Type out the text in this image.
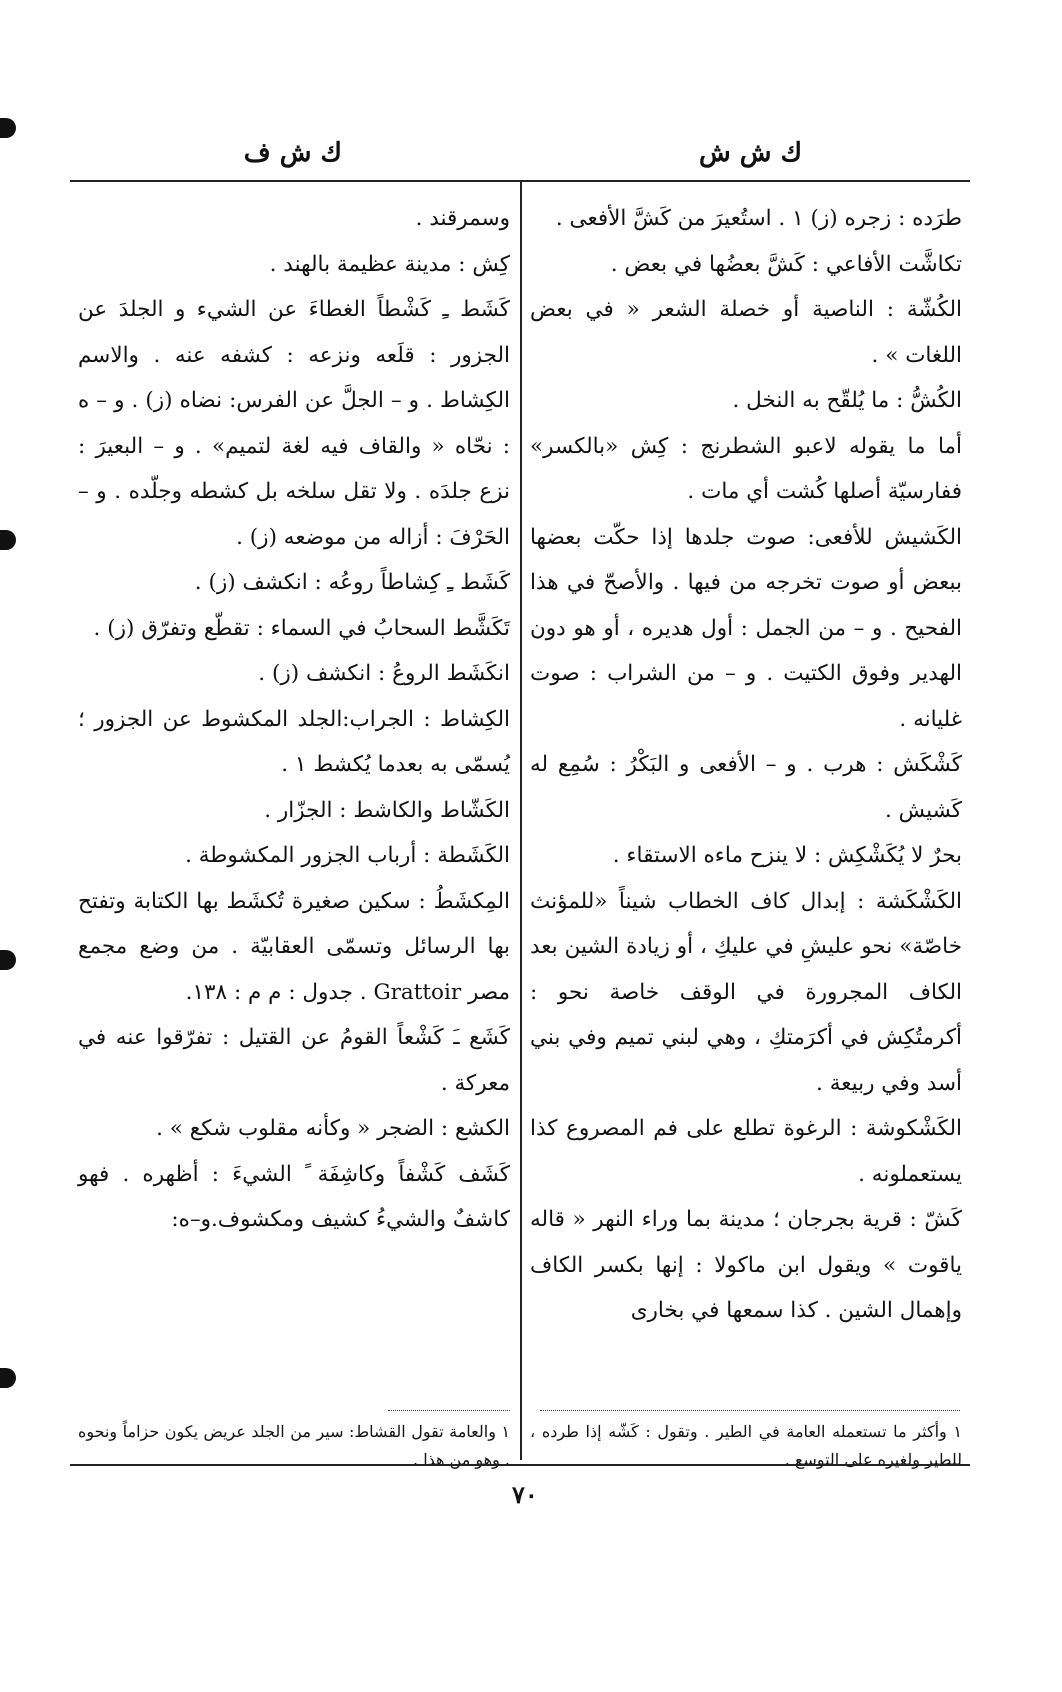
ك ش ش
ك ش ف

طرَده : زجره (ز) ١ . استُعيرَ من كَشَّ الأفعى .

تكاشَّت الأفاعي : كَشَّ بعضُها في بعض .

الكُشّة : الناصية أو خصلة الشعر « في بعض اللغات » .

الكُشُّ : ما يُلقّح به النخل .

أما ما يقوله لاعبو الشطرنج : كِش «بالكسر» ففارسيّة أصلها كُشت أي مات .

الكَشيش للأفعى: صوت جلدها إذا حكّت بعضها ببعض أو صوت تخرجه من فيها . والأصحّ في هذا الفحيح . و – من الجمل : أول هديره ، أو هو دون الهدير وفوق الكتيت . و – من الشراب : صوت غليانه .

كَشْكَش : هرب . و – الأفعى و البَكْرُ : سُمِع له كَشيش .

بحرٌ لا يُكَشْكِش : لا ينزح ماءه الاستقاء .

الكَشْكَشة : إبدال كاف الخطاب شيناً «للمؤنث خاصّة» نحو عليشِ في عليكِ ، أو زيادة الشين بعد الكاف المجرورة في الوقف خاصة نحو : أكرمتُكِش في أكرَمتكِ ، وهي لبني تميم وفي بني أسد وفي ربيعة .

الكَشْكوشة : الرغوة تطلع على فم المصروع كذا يستعملونه .

كَشّ : قرية بجرجان ؛ مدينة بما وراء النهر « قاله ياقوت » ويقول ابن ماكولا : إنها بكسر الكاف وإهمال الشين . كذا سمعها في بخارى

وسمرقند .

كِش : مدينة عظيمة بالهند .

كَشَط ـِ كَشْطاً الغطاءَ عن الشيء و الجلدَ عن الجزور : قلَعه ونزعه : كشفه عنه . والاسم الكِشاط . و – الجلَّ عن الفرس: نضاه (ز) . و – ه : نحّاه « والقاف فيه لغة لتميم» . و – البعيرَ : نزع جلدَه . ولا تقل سلخه بل كشطه وجلّده . و – الحَرْفَ : أزاله من موضعه (ز) .

كَشَط ـِ كِشاطاً روعُه : انكشف (ز) .

تَكَشَّط السحابُ في السماء : تقطّع وتفرّق (ز) .

انكَشَط الروعُ : انكشف (ز) .

الكِشاط : الجراب:الجلد المكشوط عن الجزور ؛ يُسمّى به بعدما يُكشط ١ .

الكَشّاط والكاشط : الجزّار .

الكَشَطة : أرباب الجزور المكشوطة .

المِكشَطُ : سكين صغيرة تُكشَط بها الكتابة وتفتح بها الرسائل وتسمّى العقابيّة . من وضع مجمع مصر Grattoir . جدول : م م : ١٣٨.

كَشَع ـَ كَشْعاً القومُ عن القتيل : تفرّقوا عنه في معركة .

الكشع : الضجر « وكأنه مقلوب شكع » .

كَشَف كَشْفاً وكاشِفَة ً الشيءَ : أظهره . فهو كاشفٌ والشيءُ كشيف ومكشوف.و–ه:

١ وأكثر ما تستعمله العامة في الطير . وتقول : كَشّه إذا طرده ، للطير ولغيره على التوسع .
١ والعامة تقول القشاط: سير من الجلد عريض يكون حزاماً ونحوه . وهو من هذا .
٧٠
